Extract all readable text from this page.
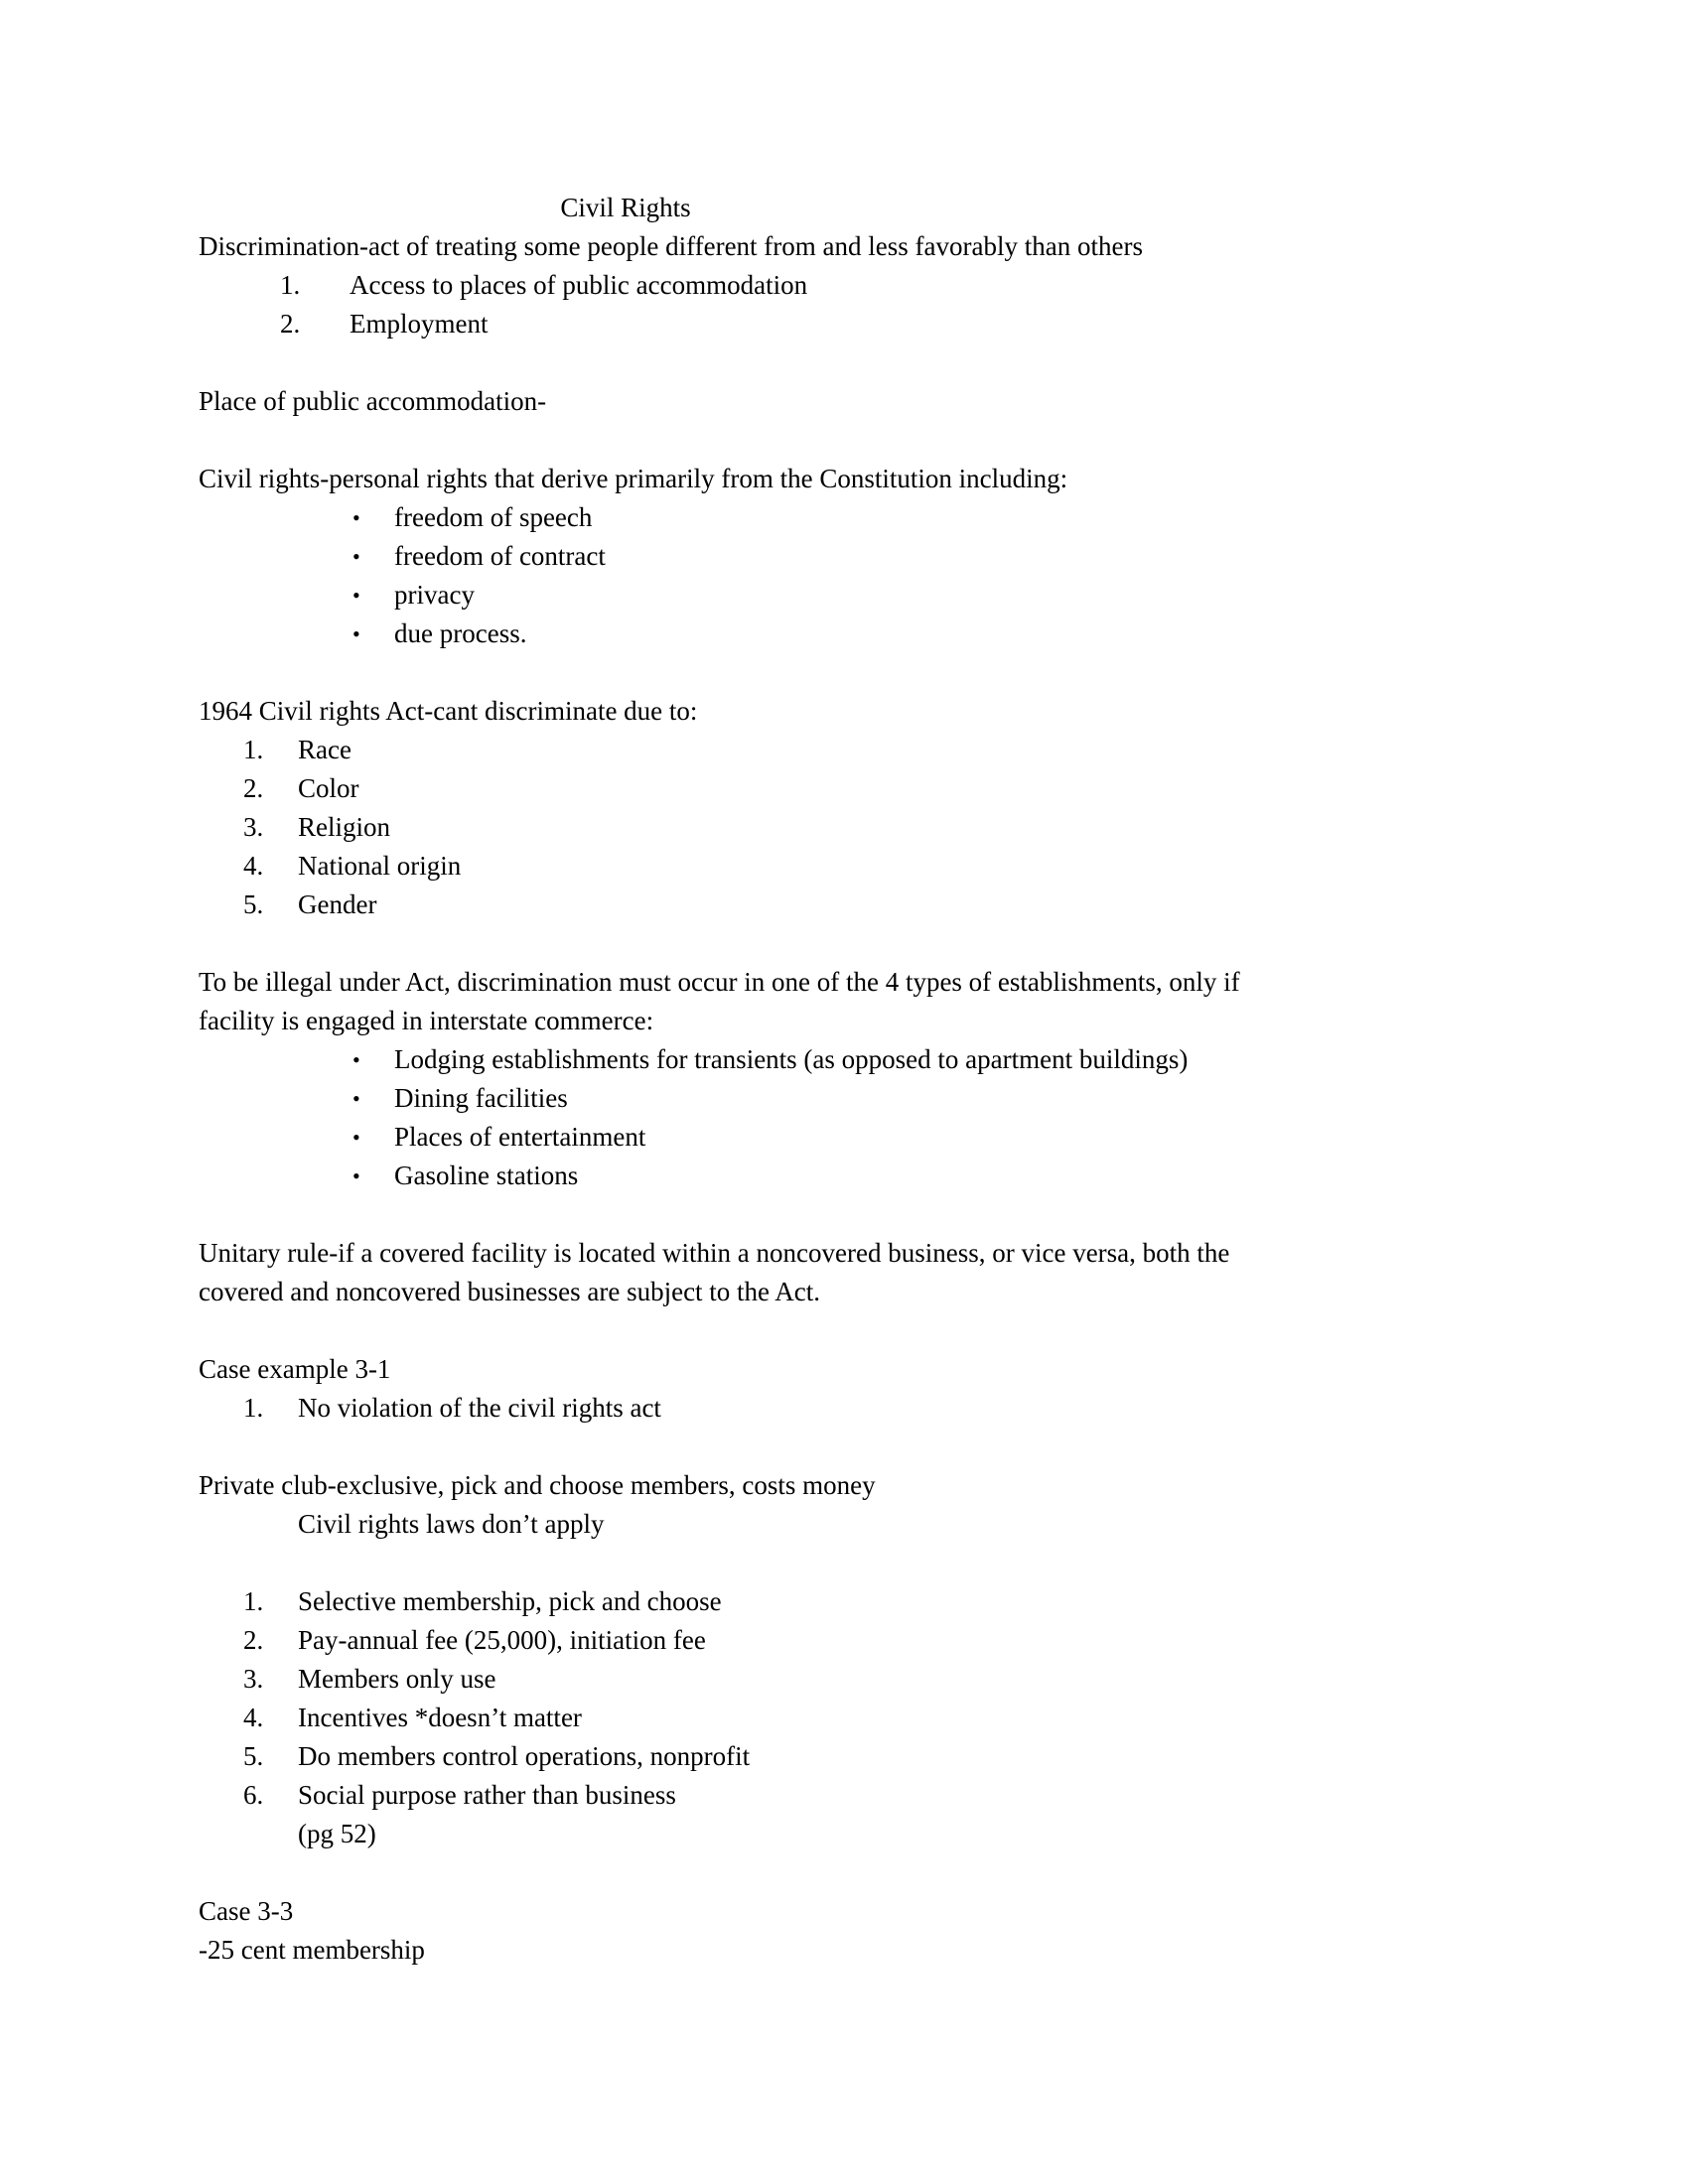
Civil Rights

Discrimination-act of treating some people different from and less favorably than others

1.	Access to places of public accommodation
2.	Employment

Place of public accommodation-

Civil rights-personal rights that derive primarily from the Constitution including:

• freedom of speech
• freedom of contract
• privacy
• due process.

1964 Civil rights Act-cant discriminate due to:

1.	Race
2.	Color
3.	Religion
4.	National origin
5.	Gender

To be illegal under Act, discrimination must occur in one of the 4 types of establishments, only if

facility is engaged in interstate commerce:

• Lodging establishments for transients (as opposed to apartment buildings)
• Dining facilities
• Places of entertainment
• Gasoline stations

Unitary rule-if a covered facility is located within a noncovered business, or vice versa, both the

covered and noncovered businesses are subject to the Act.

Case example 3-1

1.	No violation of the civil rights act

Private club-exclusive, pick and choose members, costs money

Civil rights laws don’t apply

1.	Selective membership, pick and choose
2.	Pay-annual fee (25,000), initiation fee
3.	Members only use
4.	Incentives *doesn’t matter
5.	Do members control operations, nonprofit
6.	Social purpose rather than business

(pg 52)

Case 3-3

-25 cent membership
